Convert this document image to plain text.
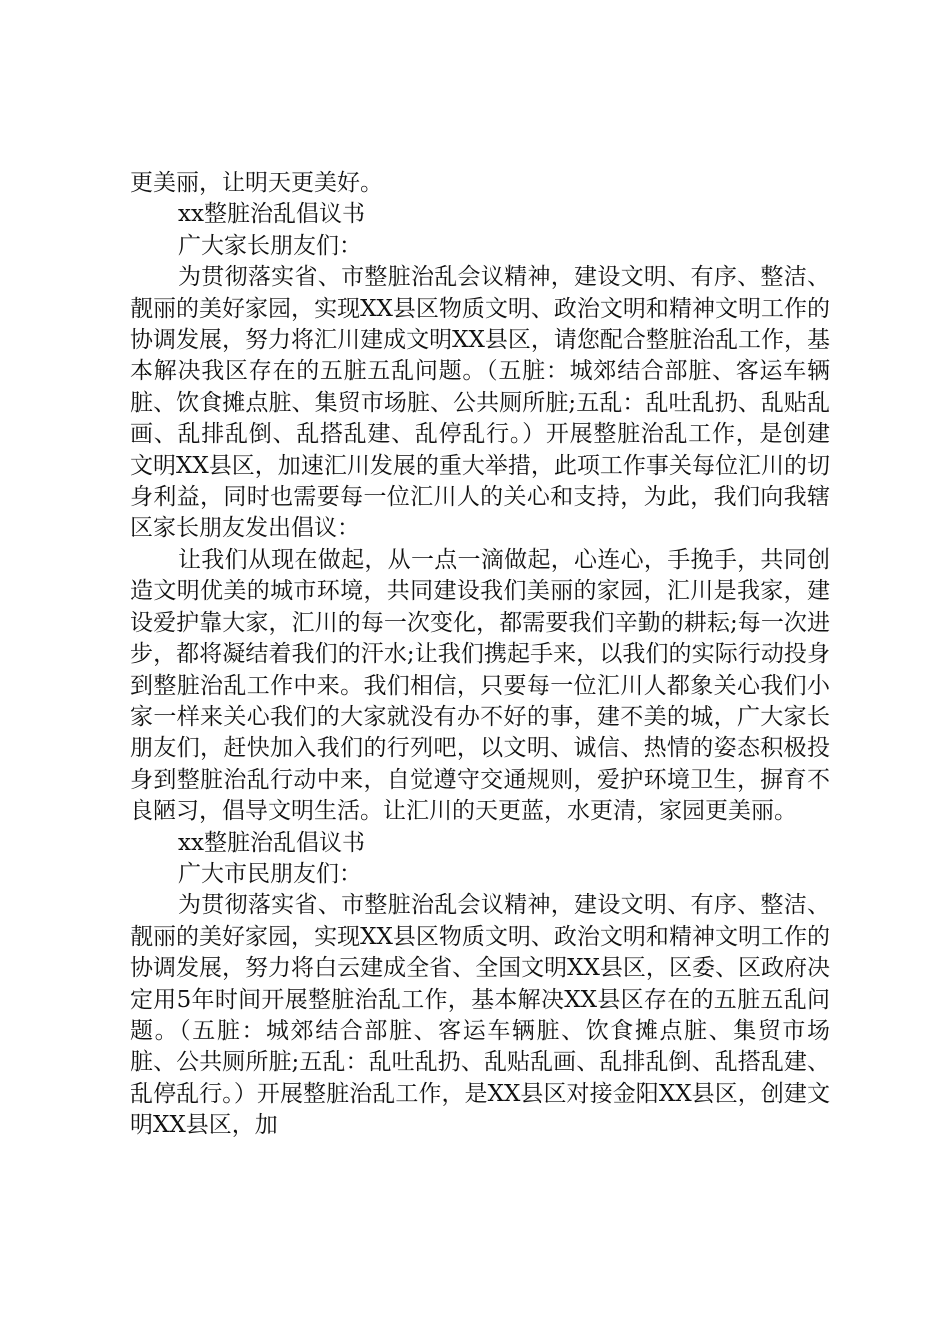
更美丽，让明天更美好。

xx整脏治乱倡议书

广大家长朋友们：

为贯彻落实省、市整脏治乱会议精神，建设文明、有序、整洁、靓丽的美好家园，实现XX县区物质文明、政治文明和精神文明工作的协调发展，努力将汇川建成文明XX县区，请您配合整脏治乱工作，基本解决我区存在的五脏五乱问题。（五脏：城郊结合部脏、客运车辆脏、饮食摊点脏、集贸市场脏、公共厕所脏;五乱：乱吐乱扔、乱贴乱画、乱排乱倒、乱搭乱建、乱停乱行。）开展整脏治乱工作，是创建文明XX县区，加速汇川发展的重大举措，此项工作事关每位汇川的切身利益，同时也需要每一位汇川人的关心和支持，为此，我们向我辖区家长朋友发出倡议：

让我们从现在做起，从一点一滴做起，心连心，手挽手，共同创造文明优美的城市环境，共同建设我们美丽的家园，汇川是我家，建设爱护靠大家，汇川的每一次变化，都需要我们辛勤的耕耘;每一次进步，都将凝结着我们的汗水;让我们携起手来，以我们的实际行动投身到整脏治乱工作中来。我们相信，只要每一位汇川人都象关心我们小家一样来关心我们的大家就没有办不好的事，建不美的城，广大家长朋友们，赶快加入我们的行列吧，以文明、诚信、热情的姿态积极投身到整脏治乱行动中来，自觉遵守交通规则，爱护环境卫生，摒育不良陋习，倡导文明生活。让汇川的天更蓝，水更清，家园更美丽。

xx整脏治乱倡议书

广大市民朋友们：

为贯彻落实省、市整脏治乱会议精神，建设文明、有序、整洁、靓丽的美好家园，实现XX县区物质文明、政治文明和精神文明工作的协调发展，努力将白云建成全省、全国文明XX县区，区委、区政府决定用5年时间开展整脏治乱工作，基本解决XX县区存在的五脏五乱问题。（五脏：城郊结合部脏、客运车辆脏、饮食摊点脏、集贸市场脏、公共厕所脏;五乱：乱吐乱扔、乱贴乱画、乱排乱倒、乱搭乱建、乱停乱行。）开展整脏治乱工作，是XX县区对接金阳XX县区，创建文明XX县区，加
